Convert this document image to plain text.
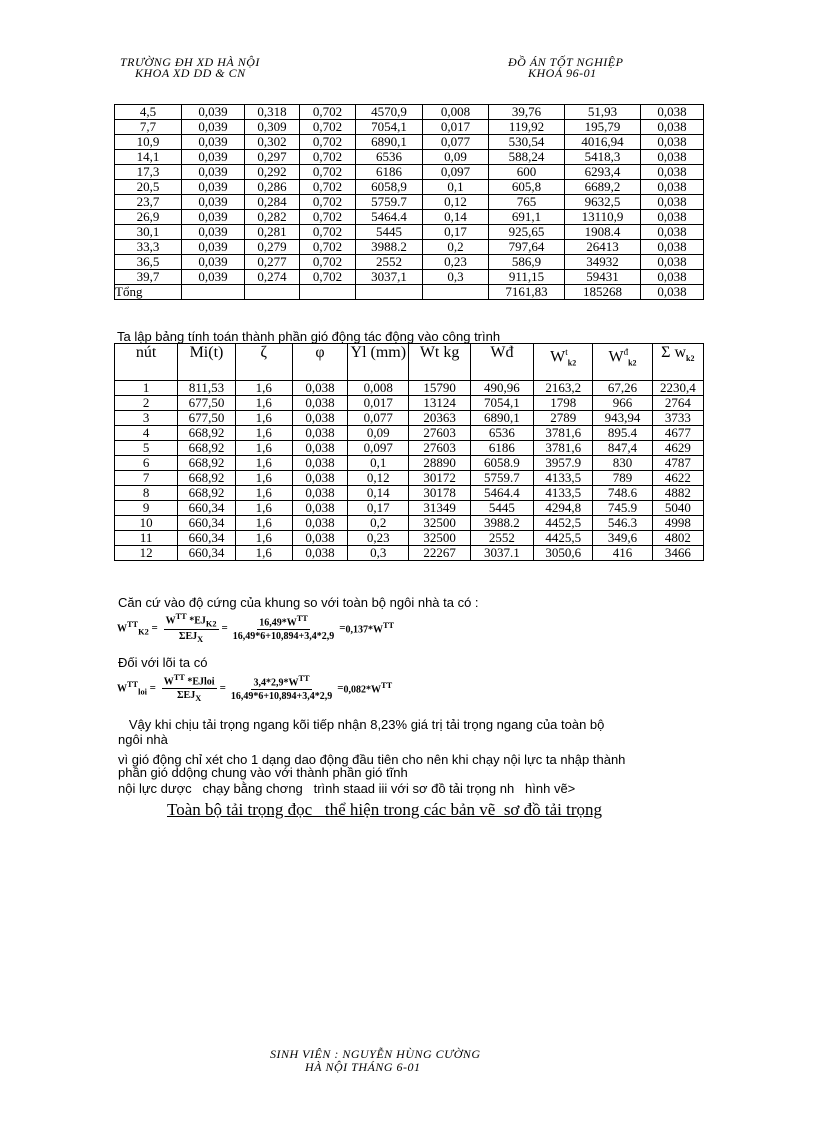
TRƯỜNG ĐH XD HÀ NỘI
KHOA XD DD & CN
ĐỒ ÁN TỐT NGHIỆP
KHOÁ 96-01
4,5	0,039	0,318	0,702	4570,9	0,008	39,76	51,93	0,038
7,7	0,039	0,309	0,702	7054,1	0,017	119,92	195,79	0,038
10,9	0,039	0,302	0,702	6890,1	0,077	530,54	4016,94	0,038
14,1	0,039	0,297	0,702	6536	0,09	588,24	5418,3	0,038
17,3	0,039	0,292	0,702	6186	0,097	600	6293,4	0,038
20,5	0,039	0,286	0,702	6058,9	0,1	605,8	6689,2	0,038
23,7	0,039	0,284	0,702	5759.7	0,12	765	9632,5	0,038
26,9	0,039	0,282	0,702	5464.4	0,14	691,1	13110,9	0,038
30,1	0,039	0,281	0,702	5445	0,17	925,65	1908.4	0,038
33,3	0,039	0,279	0,702	3988.2	0,2	797,64	26413	0,038
36,5	0,039	0,277	0,702	2552	0,23	586,9	34932	0,038
39,7	0,039	0,274	0,702	3037,1	0,3	911,15	59431	0,038
Tổng						7161,83	185268	0,038
Ta lập bảng tính toán thành phần gió động tác động vào công trình
nút	Mi(t)	ζ	φ	Yl (mm)	Wt kg	Wđ	$W^t_{k2}$	$W^đ_{k2}$	Σ $w_{k2}$
1	811,53	1,6	0,038	0,008	15790	490,96	2163,2	67,26	2230,4
2	677,50	1,6	0,038	0,017	13124	7054,1	1798	966	2764
3	677,50	1,6	0,038	0,077	20363	6890,1	2789	943,94	3733
4	668,92	1,6	0,038	0,09	27603	6536	3781,6	895.4	4677
5	668,92	1,6	0,038	0,097	27603	6186	3781,6	847,4	4629
6	668,92	1,6	0,038	0,1	28890	6058.9	3957.9	830	4787
7	668,92	1,6	0,038	0,12	30172	5759.7	4133,5	789	4622
8	668,92	1,6	0,038	0,14	30178	5464.4	4133,5	748.6	4882
9	660,34	1,6	0,038	0,17	31349	5445	4294,8	745.9	5040
10	660,34	1,6	0,038	0,2	32500	3988.2	4452,5	546.3	4998
11	660,34	1,6	0,038	0,23	32500	2552	4425,5	349,6	4802
12	660,34	1,6	0,038	0,3	22267	3037.1	3050,6	416	3466
Căn cứ vào độ cứng của khung so với toàn bộ ngôi nhà ta có :
$W^{TT}_{K2} = \frac{W^{TT} *EJ_{K2}}{\Sigma EJ_X} = \frac{16,49*W^{TT}}{16,49*6+10,894+3,4*2,9} = 0,137*W^{TT}$
Đối với lõi ta có
$W^{TT}_{loi} = \frac{W^{TT} *EJloi}{\Sigma EJ_X} = \frac{3,4*2,9*W^{TT}}{16,49*6+10,894+3,4*2,9} = 0,082*W^{TT}$
Vậy khi chịu tải trọng ngang kõi tiếp nhận 8,23% giá trị tải trọng ngang của toàn bộ
ngôi nhà
vì gió động chỉ xét cho 1 dạng dao động đầu tiên cho nên khi chạy nội lực ta nhập thành
phần gió ddộng chung vào với thành phần gió tĩnh
nội lực dược   chạy bằng chơng   trình staad iii với sơ đồ tải trọng nh   hình vẽ>
Toàn bộ tải trọng đọc   thể hiện trong các bản vẽ  sơ đồ tải trọng
SINH VIÊN : NGUYỄN HÙNG CƯỜNG
HÀ NỘI THÁNG 6-01
